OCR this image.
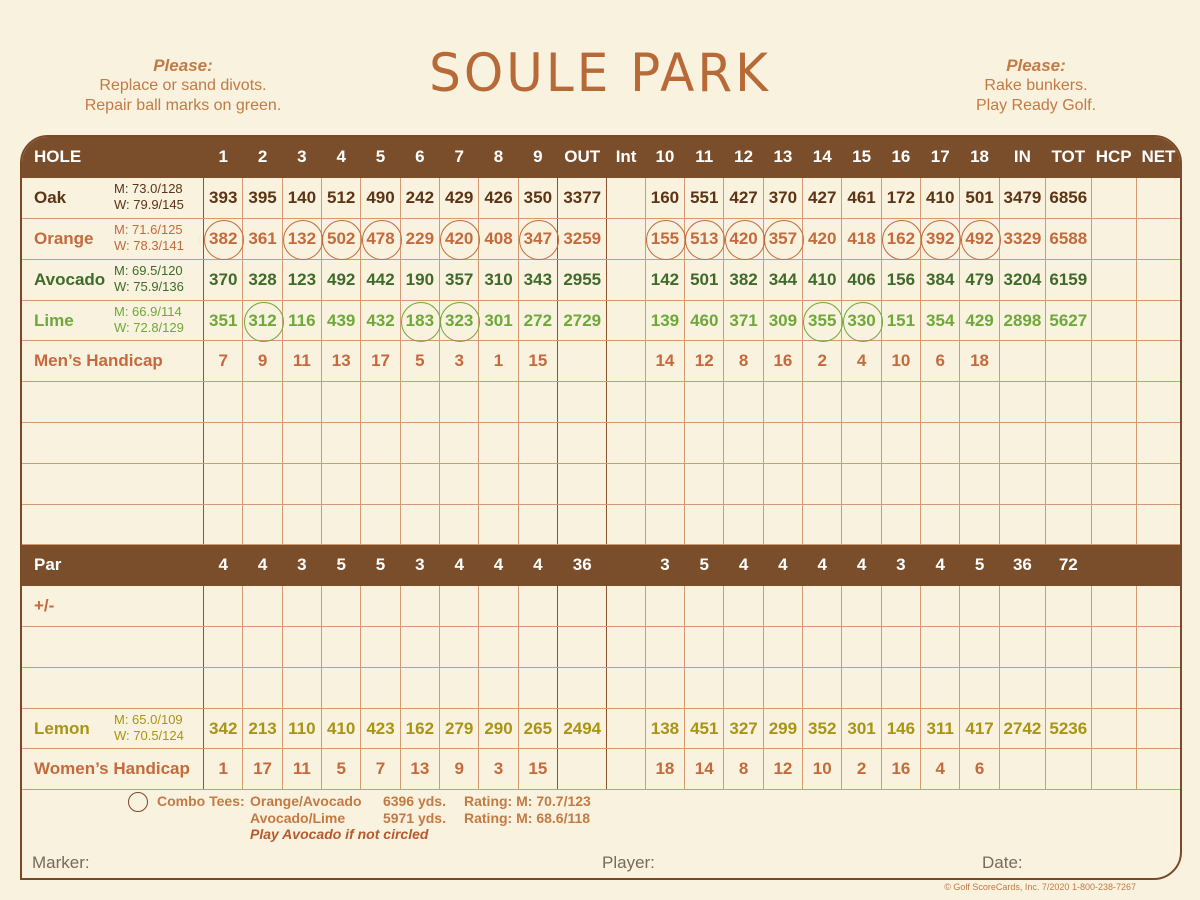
Please:
Replace or sand divots.
Repair ball marks on green.
SOULE PARK	Please:
Rake bunkers.
Play Ready Golf.
HOLE	1	2	3	4	5	6	7	8	9	OUT	Int	10	11	12	13	14	15	16	17	18	IN	TOT	HCP	NET
Oak M: 73.0/128
W: 79.9/145	393	395	140	512	490	242	429	426	350	3377		160	551	427	370	427	461	172	410	501	3479	6856		
Orange M: 71.6/125
W: 78.3/141	382	361	132	502	478	229	420	408	347	3259		155	513	420	357	420	418	162	392	492	3329	6588		
Avocado M: 69.5/120
W: 75.9/136	370	328	123	492	442	190	357	310	343	2955		142	501	382	344	410	406	156	384	479	3204	6159		
Lime M: 66.9/114
W: 72.8/129	351	312	116	439	432	183	323	301	272	2729		139	460	371	309	355	330	151	354	429	2898	5627		
Men’s Handicap	7	9	11	13	17	5	3	1	15			14	12	8	16	2	4	10	6	18				

Par	4	4	3	5	5	3	4	4	4	36		3	5	4	4	4	4	3	4	5	36	72		
+/-																								

Lemon M: 65.0/109
W: 70.5/124	342	213	110	410	423	162	279	290	265	2494		138	451	327	299	352	301	146	311	417	2742	5236		
Women’s Handicap	1	17	11	5	7	13	9	3	15			18	14	8	12	10	2	16	4	6				
Combo Tees: Orange/Avocado 6396 yds. Rating: M: 70.7/123
Avocado/Lime	5971 yds. Rating: M: 68.6/118
Play Avocado if not circled
Marker:	Player:	Date:
© Golf ScoreCards, Inc. 7/2020 1-800-238-7267
